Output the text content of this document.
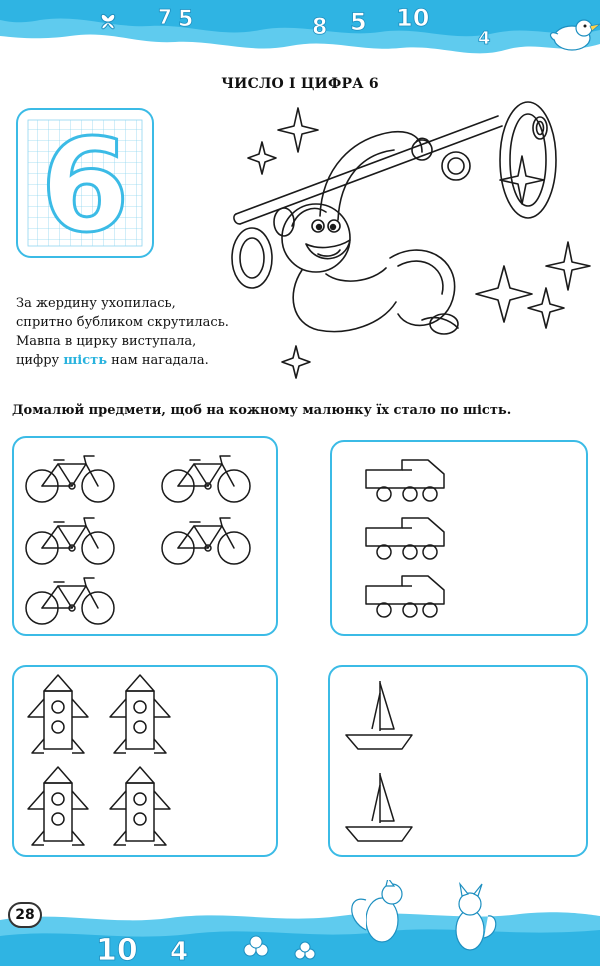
7 5	8 5 10
4
ЧИСЛО І ЦИФРА 6
6
За жердину ухопилась,
спритно бубликом скрутилась.
Мавпа в цирку виступала,
цифру шість нам нагадала.
Домалюй предмети, щоб на кожному малюнку їх стало по шість.
10 4
28
